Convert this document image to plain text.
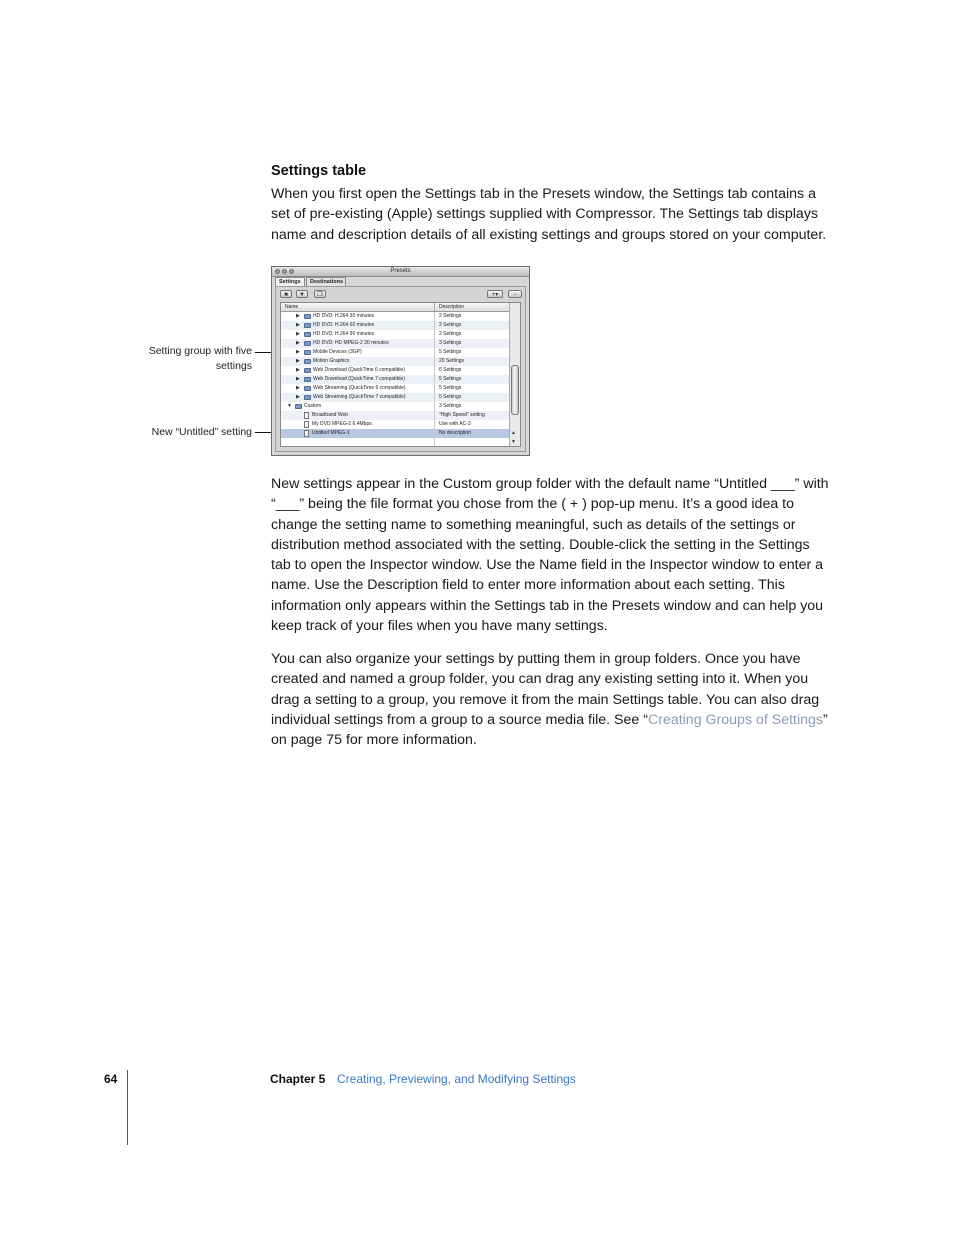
Settings table

When you first open the Settings tab in the Presets window, the Settings tab contains a set of pre-existing (Apple) settings supplied with Compressor. The Settings tab displays name and description details of all existing settings and groups stored on your computer.

Setting group with five settings
New “Untitled” setting
Presets
Settings	Destinations
■	▼	❐	+▾	−
Name	Description
▶	HD DVD: H.264 30 minutes	2 Settings
▶	HD DVD: H.264 60 minutes	2 Settings
▶	HD DVD: H.264 90 minutes	2 Settings
▶	HD DVD: HD MPEG-2 30 minutes	3 Settings
▶	Mobile Devices (3GP)	5 Settings
▶	Motion Graphics	20 Settings
▶	Web Download (QuickTime 6 compatible)	6 Settings
▶	Web Download (QuickTime 7 compatible)	5 Settings
▶	Web Streaming (QuickTime 6 compatible)	5 Settings
▶	Web Streaming (QuickTime 7 compatible)	5 Settings
▼ Custom	3 Settings
Broadband Web	"High Speed" setting
My DVD MPEG-2 6.4Mbps	Use with AC-3
Untitled MPEG-1	No description	▲
▼

New settings appear in the Custom group folder with the default name “Untitled ___” with “___” being the file format you chose from the ( + ) pop-up menu. It’s a good idea to change the setting name to something meaningful, such as details of the settings or distribution method associated with the setting. Double-click the setting in the Settings tab to open the Inspector window. Use the Name field in the Inspector window to enter a name. Use the Description field to enter more information about each setting. This information only appears within the Settings tab in the Presets window and can help you keep track of your files when you have many settings.

You can also organize your settings by putting them in group folders. Once you have created and named a group folder, you can drag any existing setting into it. When you drag a setting to a group, you remove it from the main Settings table. You can also drag individual settings from a group to a source media file. See “Creating Groups of Settings” on page 75 for more information.

64	Chapter 5 Creating, Previewing, and Modifying Settings
